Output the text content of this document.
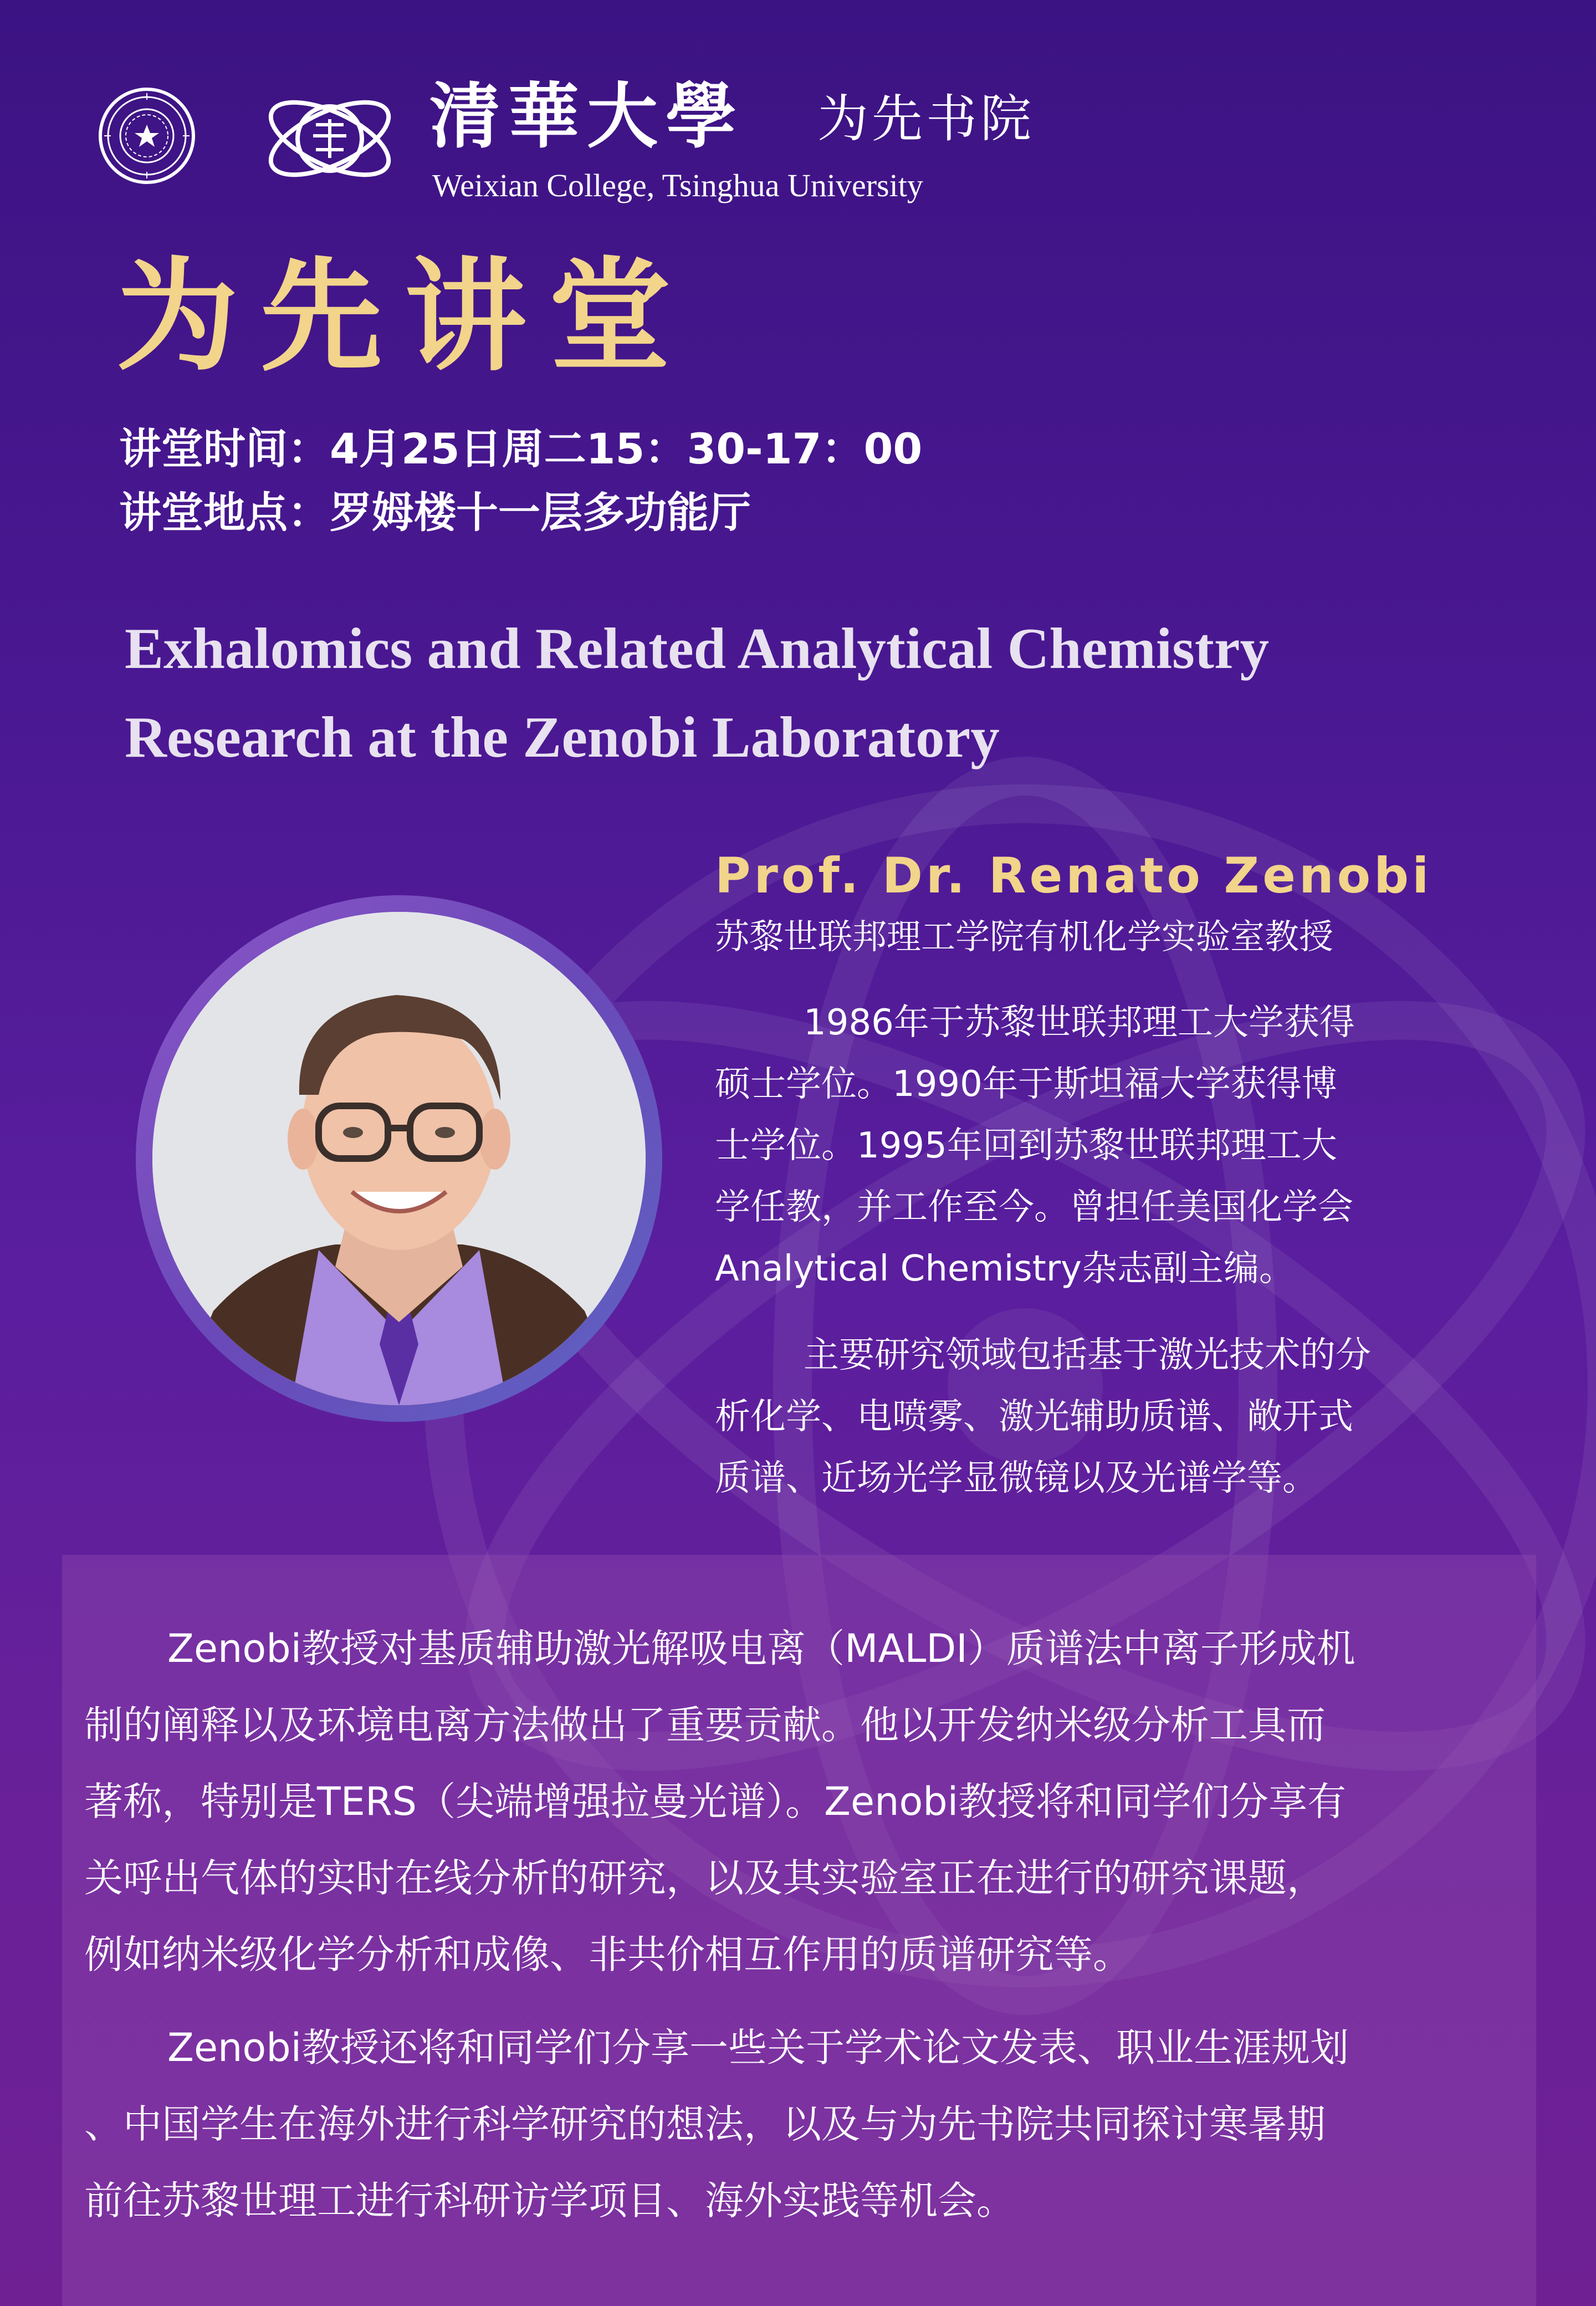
清華大學 为先书院
Weixian College, Tsinghua University
为先讲堂
讲堂时间：4月25日周二15：30-17：00
讲堂地点：罗姆楼十一层多功能厅
Exhalomics and Related Analytical Chemistry
Research at the Zenobi Laboratory
Prof. Dr. Renato Zenobi
苏黎世联邦理工学院有机化学实验室教授
1986年于苏黎世联邦理工大学获得
硕士学位。1990年于斯坦福大学获得博
士学位。1995年回到苏黎世联邦理工大
学任教，并工作至今。曾担任美国化学会
Analytical Chemistry杂志副主编。
主要研究领域包括基于激光技术的分
析化学、电喷雾、激光辅助质谱、敞开式
质谱、近场光学显微镜以及光谱学等。
Zenobi教授对基质辅助激光解吸电离（MALDI）质谱法中离子形成机
制的阐释以及环境电离方法做出了重要贡献。他以开发纳米级分析工具而
著称，特别是TERS（尖端增强拉曼光谱）。Zenobi教授将和同学们分享有
关呼出气体的实时在线分析的研究，以及其实验室正在进行的研究课题，
例如纳米级化学分析和成像、非共价相互作用的质谱研究等。
Zenobi教授还将和同学们分享一些关于学术论文发表、职业生涯规划
、中国学生在海外进行科学研究的想法，以及与为先书院共同探讨寒暑期
前往苏黎世理工进行科研访学项目、海外实践等机会。
